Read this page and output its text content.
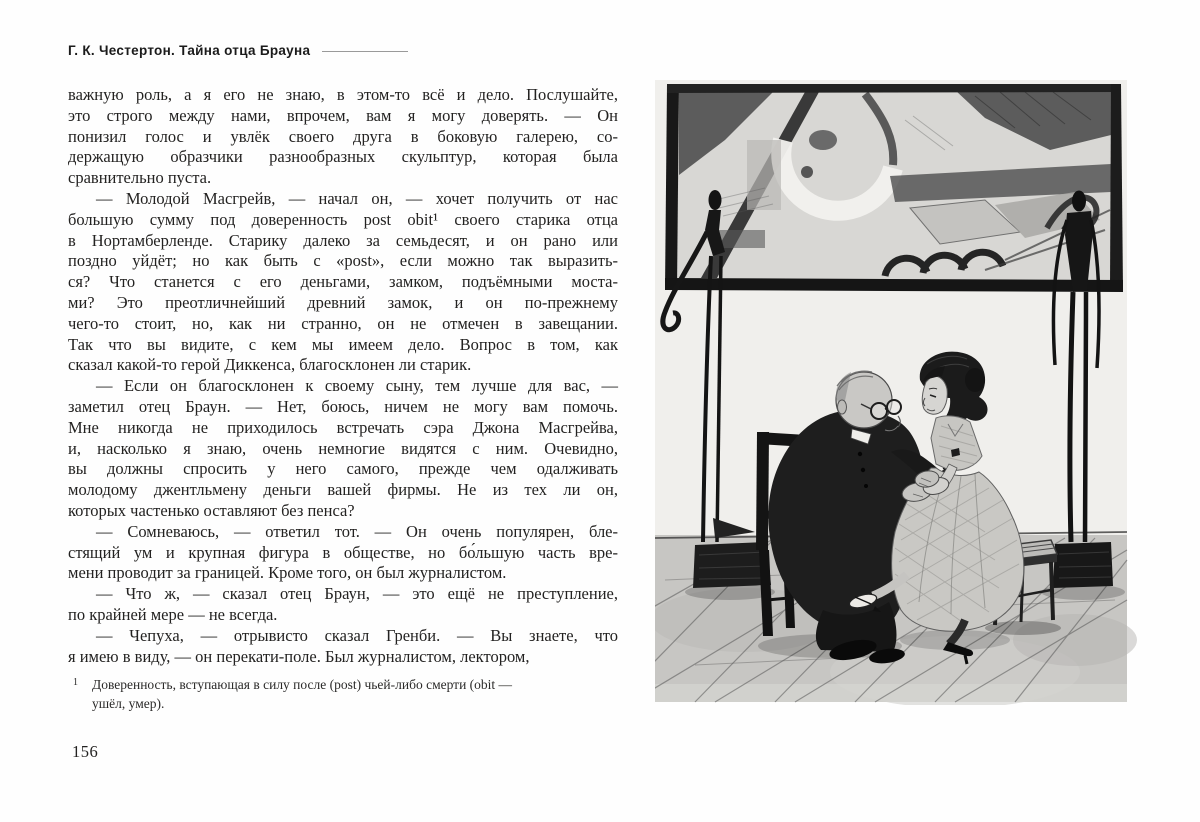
Г. К. Честертон. Тайна отца Брауна
важную роль, а я его не знаю, в этом-то всё и дело. Послушайте,
это строго между нами, впрочем, вам я могу доверять. — Он
понизил голос и увлёк своего друга в боковую галерею, со-
держащую образчики разнообразных скульптур, которая была
сравнительно пуста.
— Молодой Масгрейв, — начал он, — хочет получить от нас
большую сумму под доверенность post obit¹ своего старика отца
в Нортамберленде. Старику далеко за семьдесят, и он рано или
поздно уйдёт; но как быть с «post», если можно так выразить-
ся? Что станется с его деньгами, замком, подъёмными моста-
ми? Это преотличнейший древний замок, и он по-прежнему
чего-то стоит, но, как ни странно, он не отмечен в завещании.
Так что вы видите, с кем мы имеем дело. Вопрос в том, как
сказал какой-то герой Диккенса, благосклонен ли старик.
— Если он благосклонен к своему сыну, тем лучше для вас, —
заметил отец Браун. — Нет, боюсь, ничем не могу вам помочь.
Мне никогда не приходилось встречать сэра Джона Масгрейва,
и, насколько я знаю, очень немногие видятся с ним. Очевидно,
вы должны спросить у него самого, прежде чем одалживать
молодому джентльмену деньги вашей фирмы. Не из тех ли он,
которых частенько оставляют без пенса?
— Сомневаюсь, — ответил тот. — Он очень популярен, бле-
стящий ум и крупная фигура в обществе, но бо́льшую часть вре-
мени проводит за границей. Кроме того, он был журналистом.
— Что ж, — сказал отец Браун, — это ещё не преступление,
по крайней мере — не всегда.
— Чепуха, — отрывисто сказал Гренби. — Вы знаете, что
я имею в виду, — он перекати-поле. Был журналистом, лектором,
1 Доверенность, вступающая в силу после (post) чьей-либо смерти (obit —
ушёл, умер).
156
